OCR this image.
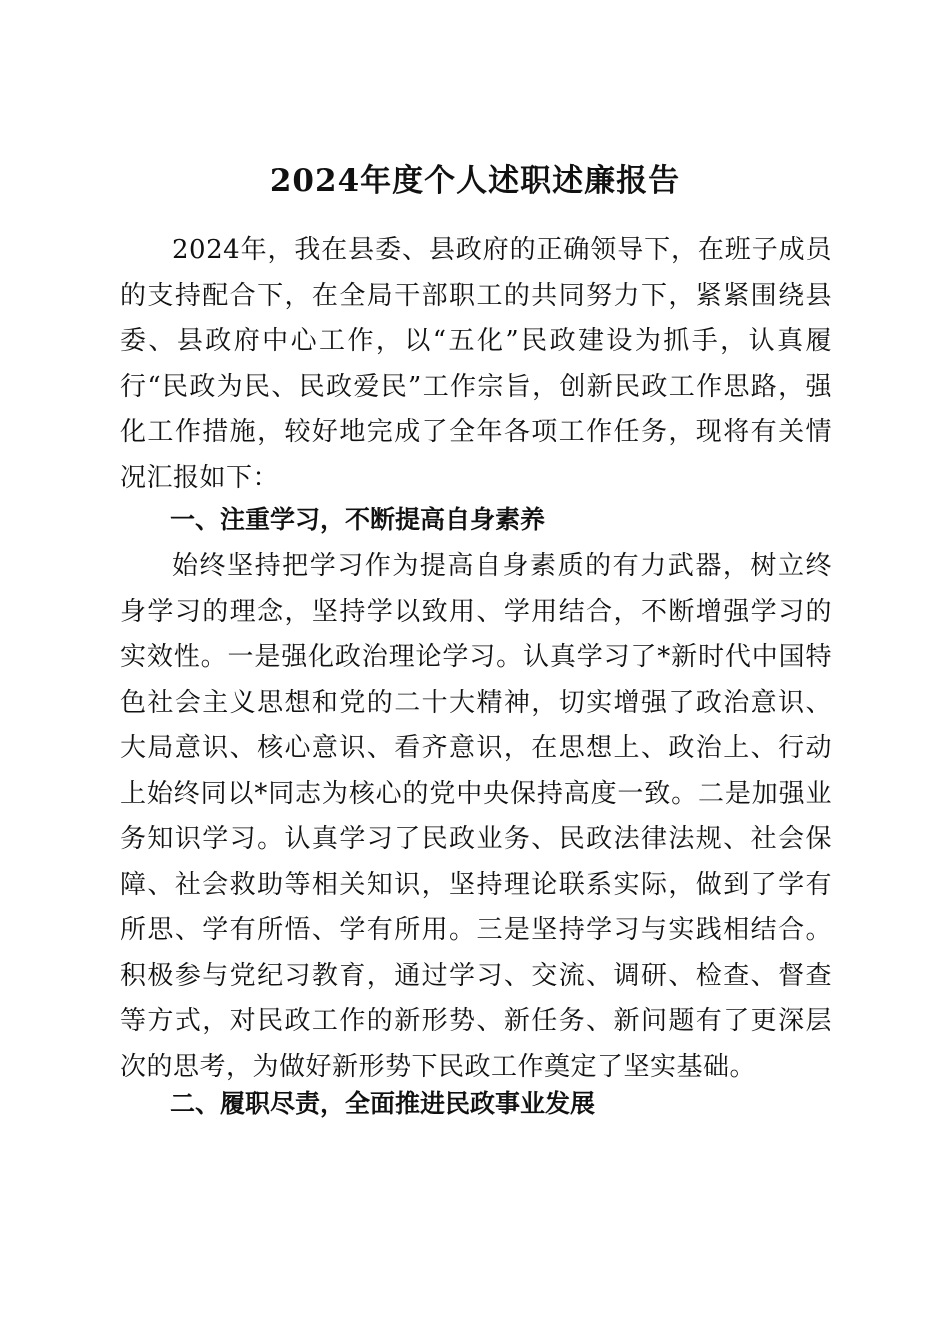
2024年度个人述职述廉报告

2024年，我在县委、县政府的正确领导下，在班子成员的支持配合下，在全局干部职工的共同努力下，紧紧围绕县委、县政府中心工作，以“五化”民政建设为抓手，认真履行“民政为民、民政爱民”工作宗旨，创新民政工作思路，强化工作措施，较好地完成了全年各项工作任务，现将有关情况汇报如下：

一、注重学习，不断提高自身素养

始终坚持把学习作为提高自身素质的有力武器，树立终身学习的理念，坚持学以致用、学用结合，不断增强学习的实效性。一是强化政治理论学习。认真学习了*新时代中国特色社会主义思想和党的二十大精神，切实增强了政治意识、大局意识、核心意识、看齐意识，在思想上、政治上、行动上始终同以*同志为核心的党中央保持高度一致。二是加强业务知识学习。认真学习了民政业务、民政法律法规、社会保障、社会救助等相关知识，坚持理论联系实际，做到了学有所思、学有所悟、学有所用。三是坚持学习与实践相结合。积极参与党纪习教育，通过学习、交流、调研、检查、督查等方式，对民政工作的新形势、新任务、新问题有了更深层次的思考，为做好新形势下民政工作奠定了坚实基础。

二、履职尽责，全面推进民政事业发展
